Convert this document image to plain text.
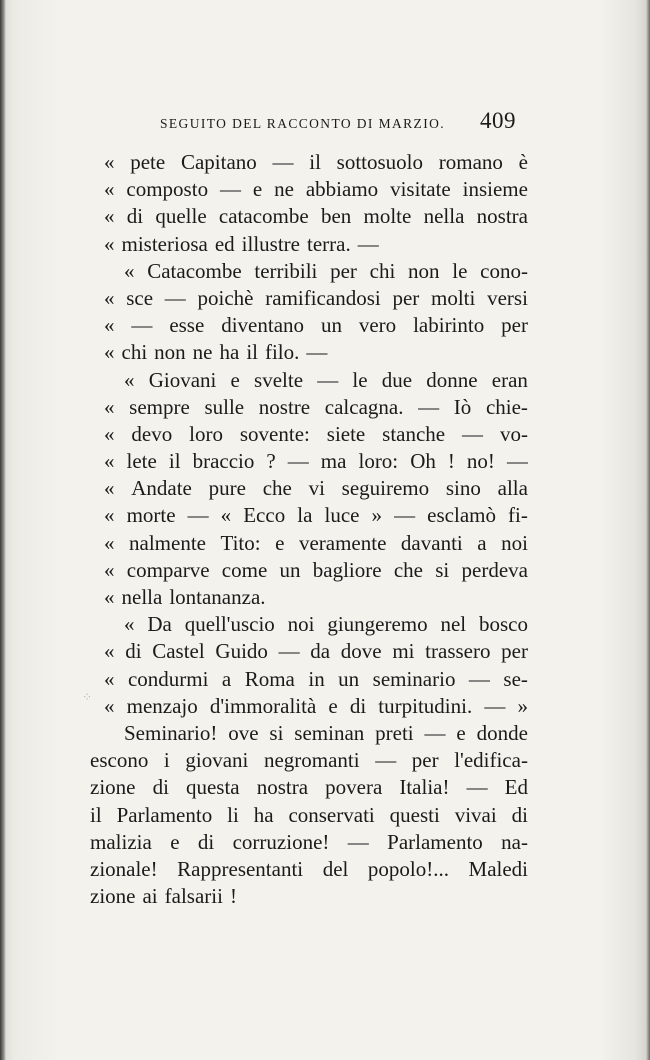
SEGUITO DEL RACCONTO DI MARZIO. 409
« pete Capitano — il sottosuolo romano è
« composto — e ne abbiamo visitate insieme
« di quelle catacombe ben molte nella nostra
« misteriosa ed illustre terra. —
« Catacombe terribili per chi non le cono-
« sce — poichè ramificandosi per molti versi
« — esse diventano un vero labirinto per
« chi non ne ha il filo. —
« Giovani e svelte — le due donne eran
« sempre sulle nostre calcagna. — Iò chie-
« devo loro sovente: siete stanche — vo-
« lete il braccio ? — ma loro: Oh ! no! —
« Andate pure che vi seguiremo sino alla
« morte — « Ecco la luce » — esclamò fi-
« nalmente Tito: e veramente davanti a noi
« comparve come un bagliore che si perdeva
« nella lontananza.
« Da quell'uscio noi giungeremo nel bosco
« di Castel Guido — da dove mi trassero per
« condurmi a Roma in un seminario — se-
« menzajo d'immoralità e di turpitudini. — »
Seminario! ove si seminan preti — e donde
escono i giovani negromanti — per l'edifica-
zione di questa nostra povera Italia! — Ed
il Parlamento li ha conservati questi vivai di
malizia e di corruzione! — Parlamento na-
zionale! Rappresentanti del popolo!... Maledi
zione ai falsarii !
⁘
